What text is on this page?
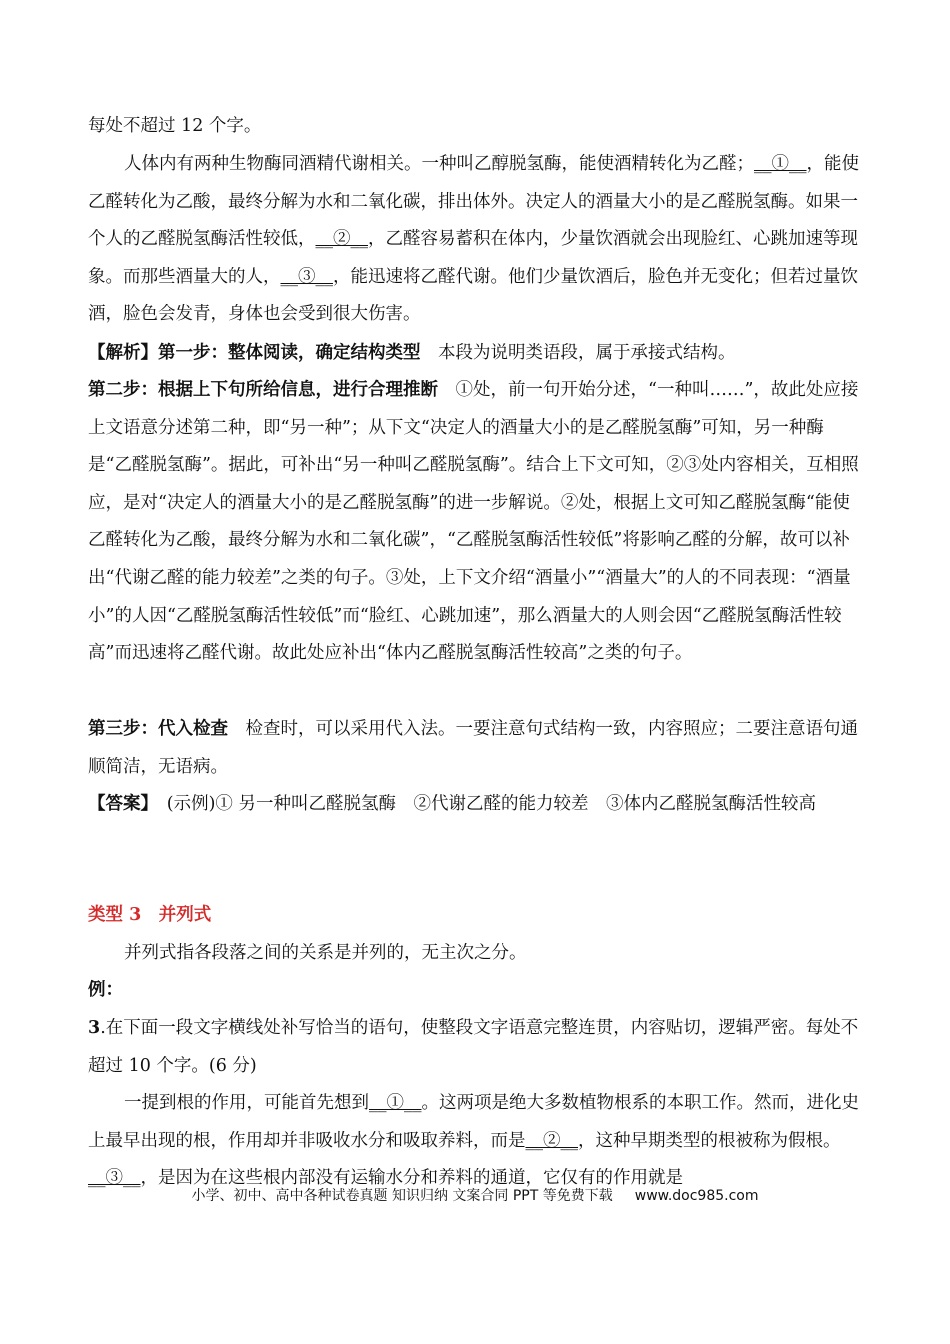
每处不超过 12 个字。

人体内有两种生物酶同酒精代谢相关。一种叫乙醇脱氢酶，能使酒精转化为乙醛；__①__，能使乙醛转化为乙酸，最终分解为水和二氧化碳，排出体外。决定人的酒量大小的是乙醛脱氢酶。如果一个人的乙醛脱氢酶活性较低，__②__，乙醛容易蓄积在体内，少量饮酒就会出现脸红、心跳加速等现象。而那些酒量大的人，__③__，能迅速将乙醛代谢。他们少量饮酒后，脸色并无变化；但若过量饮酒，脸色会发青，身体也会受到很大伤害。

【解析】第一步：整体阅读，确定结构类型　本段为说明类语段，属于承接式结构。

第二步：根据上下句所给信息，进行合理推断　①处，前一句开始分述，“一种叫……”，故此处应接上文语意分述第二种，即“另一种”；从下文“决定人的酒量大小的是乙醛脱氢酶”可知，另一种酶是“乙醛脱氢酶”。据此，可补出“另一种叫乙醛脱氢酶”。结合上下文可知，②③处内容相关，互相照应，是对“决定人的酒量大小的是乙醛脱氢酶”的进一步解说。②处，根据上文可知乙醛脱氢酶“能使乙醛转化为乙酸，最终分解为水和二氧化碳”，“乙醛脱氢酶活性较低”将影响乙醛的分解，故可以补出“代谢乙醛的能力较差”之类的句子。③处，上下文介绍“酒量小”“酒量大”的人的不同表现：“酒量小”的人因“乙醛脱氢酶活性较低”而“脸红、心跳加速”，那么酒量大的人则会因“乙醛脱氢酶活性较高”而迅速将乙醛代谢。故此处应补出“体内乙醛脱氢酶活性较高”之类的句子。

第三步：代入检查　检查时，可以采用代入法。一要注意句式结构一致，内容照应；二要注意语句通顺简洁，无语病。

【答案】　(示例)① 另一种叫乙醛脱氢酶　②代谢乙醛的能力较差　③体内乙醛脱氢酶活性较高

类型 3　并列式

并列式指各段落之间的关系是并列的，无主次之分。

例：

3.在下面一段文字横线处补写恰当的语句，使整段文字语意完整连贯，内容贴切，逻辑严密。每处不超过 10 个字。(6 分)

一提到根的作用，可能首先想到__①__。这两项是绝大多数植物根系的本职工作。然而，进化史上最早出现的根，作用却并非吸收水分和吸取养料，而是__②__，这种早期类型的根被称为假根。__③__，是因为在这些根内部没有运输水分和养料的通道，它仅有的作用就是

小学、初中、高中各种试卷真题 知识归纳 文案合同 PPT 等免费下载 www.doc985.com
